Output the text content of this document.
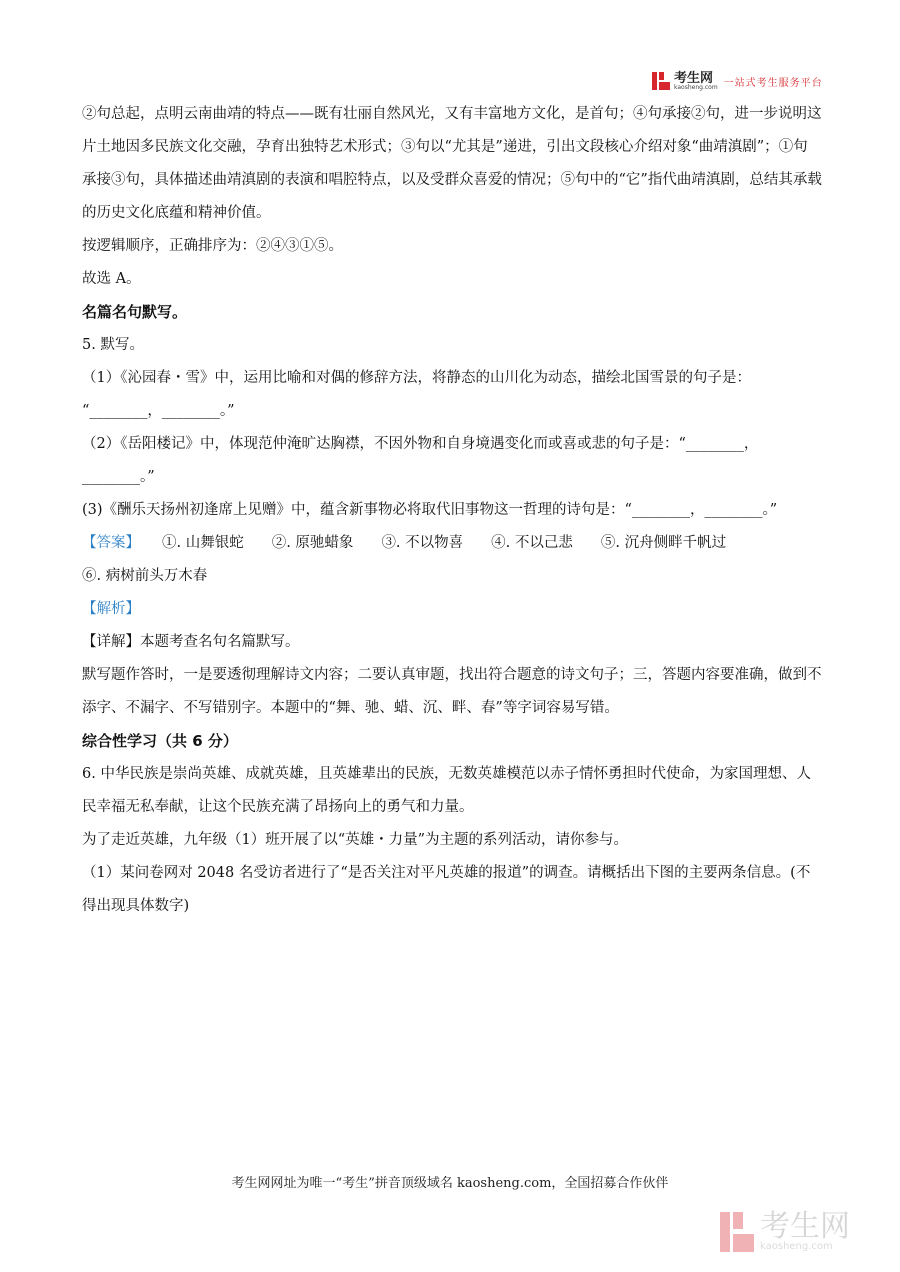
考生网
kaosheng.com 一站式考生服务平台

②句总起，点明云南曲靖的特点——既有壮丽自然风光，又有丰富地方文化，是首句；④句承接②句，进一步说明这片土地因多民族文化交融，孕育出独特艺术形式；③句以“尤其是”递进，引出文段核心介绍对象“曲靖滇剧”；①句承接③句，具体描述曲靖滇剧的表演和唱腔特点，以及受群众喜爱的情况；⑤句中的“它”指代曲靖滇剧，总结其承载的历史文化底蕴和精神价值。

按逻辑顺序，正确排序为：②④③①⑤。

故选 A。

名篇名句默写。

5. 默写。

（1）《沁园春・雪》中，运用比喻和对偶的修辞方法，将静态的山川化为动态，描绘北国雪景的句子是：

“________，________。”

（2）《岳阳楼记》中，体现范仲淹旷达胸襟，不因外物和自身境遇变化而或喜或悲的句子是：“________，

________。”

(3)《酬乐天扬州初逢席上见赠》中，蕴含新事物必将取代旧事物这一哲理的诗句是：“________，________。”

【答案】 ①. 山舞银蛇 ②. 原驰蜡象 ③. 不以物喜 ④. 不以己悲 ⑤. 沉舟侧畔千帆过
⑥. 病树前头万木春

【解析】

【详解】本题考查名句名篇默写。

默写题作答时，一是要透彻理解诗文内容；二要认真审题，找出符合题意的诗文句子；三，答题内容要准确，做到不添字、不漏字、不写错别字。本题中的“舞、驰、蜡、沉、畔、春”等字词容易写错。

综合性学习（共 6 分）

6. 中华民族是崇尚英雄、成就英雄，且英雄辈出的民族，无数英雄模范以赤子情怀勇担时代使命，为家国理想、人民幸福无私奉献，让这个民族充满了昂扬向上的勇气和力量。

为了走近英雄，九年级（1）班开展了以“英雄・力量”为主题的系列活动，请你参与。

（1）某问卷网对 2048 名受访者进行了“是否关注对平凡英雄的报道”的调查。请概括出下图的主要两条信息。(不得出现具体数字)

考生网网址为唯一“考生”拼音顶级域名 kaosheng.com，全国招募合作伙伴
考生网
kaosheng.com
